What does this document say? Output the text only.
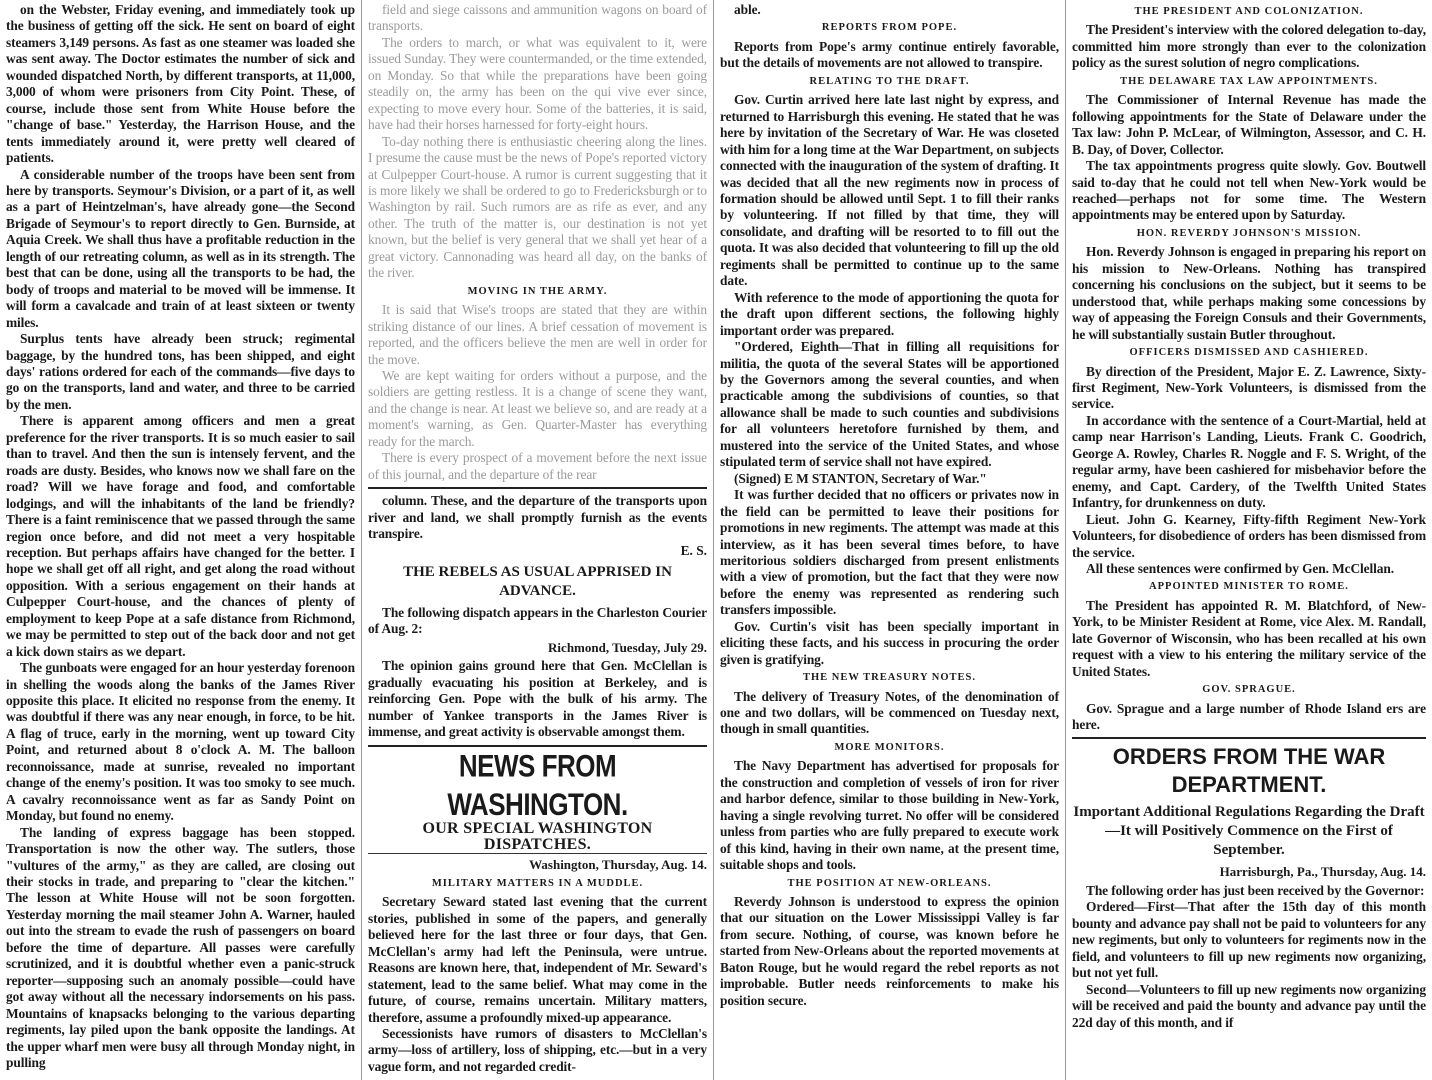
on the Webster, Friday evening, and immediately took up the business of getting off the sick. He sent on board of eight steamers 3,149 persons. As fast as one steamer was loaded she was sent away. The Doctor estimates the number of sick and wounded dispatched North, by different transports, at 11,000, 3,000 of whom were prisoners from City Point. These, of course, include those sent from White House before the "change of base." Yesterday, the Harrison House, and the tents immediately around it, were pretty well cleared of patients.
A considerable number of the troops have been sent from here by transports. Seymour's Division, or a part of it, as well as a part of Heintzelman's, have already gone—the Second Brigade of Seymour's to report directly to Gen. Burnside, at Aquia Creek. We shall thus have a profitable reduction in the length of our retreating column, as well as in its strength. The best that can be done, using all the transports to be had, the body of troops and material to be moved will be immense. It will form a cavalcade and train of at least sixteen or twenty miles.
Surplus tents have already been struck; regimental baggage, by the hundred tons, has been shipped, and eight days' rations ordered for each of the commands—five days to go on the transports, land and water, and three to be carried by the men.
There is apparent among officers and men a great preference for the river transports. It is so much easier to sail than to travel. And then the sun is intensely fervent, and the roads are dusty. Besides, who knows now we shall fare on the road? Will we have forage and food, and comfortable lodgings, and will the inhabitants of the land be friendly? There is a faint reminiscence that we passed through the same region once before, and did not meet a very hospitable reception. But perhaps affairs have changed for the better. I hope we shall get off all right, and get along the road without opposition. With a serious engagement on their hands at Culpepper Court-house, and the chances of plenty of employment to keep Pope at a safe distance from Richmond, we may be permitted to step out of the back door and not get a kick down stairs as we depart.
The gunboats were engaged for an hour yesterday forenoon in shelling the woods along the banks of the James River opposite this place. It elicited no response from the enemy. It was doubtful if there was any near enough, in force, to be hit. A flag of truce, early in the morning, went up toward City Point, and returned about 8 o'clock A. M. The balloon reconnoissance, made at sunrise, revealed no important change of the enemy's position. It was too smoky to see much. A cavalry reconnoissance went as far as Sandy Point on Monday, but found no enemy.
The landing of express baggage has been stopped. Transportation is now the other way. The sutlers, those "vultures of the army," as they are called, are closing out their stocks in trade, and preparing to "clear the kitchen." The lesson at White House will not be soon forgotten. Yesterday morning the mail steamer John A. Warner, hauled out into the stream to evade the rush of passengers on board before the time of departure. All passes were carefully scrutinized, and it is doubtful whether even a panic-struck reporter—supposing such an anomaly possible—could have got away without all the necessary indorsements on his pass. Mountains of knapsacks belonging to the various departing regiments, lay piled upon the bank opposite the landings. At the upper wharf men were busy all through Monday night, in pulling
field and siege caissons and ammunition wagons on board of transports.
The orders to march, or what was equivalent to it, were issued Sunday. They were countermanded, or the time extended, on Monday. So that while the preparations have been going steadily on, the army has been on the qui vive ever since, expecting to move every hour. Some of the batteries, it is said, have had their horses harnessed for forty-eight hours.
To-day nothing there is enthusiastic cheering along the lines. I presume the cause must be the news of Pope's reported victory at Culpepper Court-house. A rumor is current suggesting that it is more likely we shall be ordered to go to Fredericksburgh or to Washington by rail. Such rumors are as rife as ever, and any other. The truth of the matter is, our destination is not yet known, but the belief is very general that we shall yet hear of a great victory. Cannonading was heard all day, on the banks of the river.
MOVING IN THE ARMY.
It is said that Wise's troops are stated that they are within striking distance of our lines. A brief cessation of movement is reported, and the officers believe the men are well in order for the move.
We are kept waiting for orders without a purpose, and the soldiers are getting restless. It is a change of scene they want, and the change is near. At least we believe so, and are ready at a moment's warning, as Gen. Quarter-Master has everything ready for the march.
There is every prospect of a movement before the next issue of this journal, and the departure of the rear
column. These, and the departure of the transports upon river and land, we shall promptly furnish as the events transpire.
E. S.
THE REBELS AS USUAL APPRISED IN ADVANCE.
The following dispatch appears in the Charleston Courier of Aug. 2:
Richmond, Tuesday, July 29.
The opinion gains ground here that Gen. McClellan is gradually evacuating his position at Berkeley, and is reinforcing Gen. Pope with the bulk of his army. The number of Yankee transports in the James River is immense, and great activity is observable amongst them.
NEWS FROM WASHINGTON.
OUR SPECIAL WASHINGTON DISPATCHES.
Washington, Thursday, Aug. 14.
MILITARY MATTERS IN A MUDDLE.
Secretary Seward stated last evening that the current stories, published in some of the papers, and generally believed here for the last three or four days, that Gen. McClellan's army had left the Peninsula, were untrue. Reasons are known here, that, independent of Mr. Seward's statement, lead to the same belief. What may come in the future, of course, remains uncertain. Military matters, therefore, assume a profoundly mixed-up appearance.
Secessionists have rumors of disasters to McClellan's army—loss of artillery, loss of shipping, etc.—but in a very vague form, and not regarded credit-
able.
REPORTS FROM POPE.
Reports from Pope's army continue entirely favorable, but the details of movements are not allowed to transpire.
RELATING TO THE DRAFT.
Gov. Curtin arrived here late last night by express, and returned to Harrisburgh this evening. He stated that he was here by invitation of the Secretary of War. He was closeted with him for a long time at the War Department, on subjects connected with the inauguration of the system of drafting. It was decided that all the new regiments now in process of formation should be allowed until Sept. 1 to fill their ranks by volunteering. If not filled by that time, they will consolidate, and drafting will be resorted to to fill out the quota. It was also decided that volunteering to fill up the old regiments shall be permitted to continue up to the same date.
With reference to the mode of apportioning the quota for the draft upon different sections, the following highly important order was prepared.
"Ordered, Eighth—That in filling all requisitions for militia, the quota of the several States will be apportioned by the Governors among the several counties, and when practicable among the subdivisions of counties, so that allowance shall be made to such counties and subdivisions for all volunteers heretofore furnished by them, and mustered into the service of the United States, and whose stipulated term of service shall not have expired.
(Signed) E M STANTON, Secretary of War."
It was further decided that no officers or privates now in the field can be permitted to leave their positions for promotions in new regiments. The attempt was made at this interview, as it has been several times before, to have meritorious soldiers discharged from present enlistments with a view of promotion, but the fact that they were now before the enemy was represented as rendering such transfers impossible.
Gov. Curtin's visit has been specially important in eliciting these facts, and his success in procuring the order given is gratifying.
THE NEW TREASURY NOTES.
The delivery of Treasury Notes, of the denomination of one and two dollars, will be commenced on Tuesday next, though in small quantities.
MORE MONITORS.
The Navy Department has advertised for proposals for the construction and completion of vessels of iron for river and harbor defence, similar to those building in New-York, having a single revolving turret. No offer will be considered unless from parties who are fully prepared to execute work of this kind, having in their own name, at the present time, suitable shops and tools.
THE POSITION AT NEW-ORLEANS.
Reverdy Johnson is understood to express the opinion that our situation on the Lower Mississippi Valley is far from secure. Nothing, of course, was known before he started from New-Orleans about the reported movements at Baton Rouge, but he would regard the rebel reports as not improbable. Butler needs reinforcements to make his position secure.
THE PRESIDENT AND COLONIZATION.
The President's interview with the colored delegation to-day, committed him more strongly than ever to the colonization policy as the surest solution of negro complications.
THE DELAWARE TAX LAW APPOINTMENTS.
The Commissioner of Internal Revenue has made the following appointments for the State of Delaware under the Tax law: John P. McLear, of Wilmington, Assessor, and C. H. B. Day, of Dover, Collector.
The tax appointments progress quite slowly. Gov. Boutwell said to-day that he could not tell when New-York would be reached—perhaps not for some time. The Western appointments may be entered upon by Saturday.
HON. REVERDY JOHNSON'S MISSION.
Hon. Reverdy Johnson is engaged in preparing his report on his mission to New-Orleans. Nothing has transpired concerning his conclusions on the subject, but it seems to be understood that, while perhaps making some concessions by way of appeasing the Foreign Consuls and their Governments, he will substantially sustain Butler throughout.
OFFICERS DISMISSED AND CASHIERED.
By direction of the President, Major E. Z. Lawrence, Sixty-first Regiment, New-York Volunteers, is dismissed from the service.
In accordance with the sentence of a Court-Martial, held at camp near Harrison's Landing, Lieuts. Frank C. Goodrich, George A. Rowley, Charles R. Noggle and F. S. Wright, of the regular army, have been cashiered for misbehavior before the enemy, and Capt. Cardery, of the Twelfth United States Infantry, for drunkenness on duty.
Lieut. John G. Kearney, Fifty-fifth Regiment New-York Volunteers, for disobedience of orders has been dismissed from the service.
All these sentences were confirmed by Gen. McClellan.
APPOINTED MINISTER TO ROME.
The President has appointed R. M. Blatchford, of New-York, to be Minister Resident at Rome, vice Alex. M. Randall, late Governor of Wisconsin, who has been recalled at his own request with a view to his entering the military service of the United States.
GOV. SPRAGUE.
Gov. Sprague and a large number of Rhode Island ers are here.
ORDERS FROM THE WAR DEPARTMENT.
Important Additional Regulations Regarding the Draft—It will Positively Commence on the First of September.
Harrisburgh, Pa., Thursday, Aug. 14.
The following order has just been received by the Governor:
Ordered—First—That after the 15th day of this month bounty and advance pay shall not be paid to volunteers for any new regiments, but only to volunteers for regiments now in the field, and volunteers to fill up new regiments now organizing, but not yet full.
Second—Volunteers to fill up new regiments now organizing will be received and paid the bounty and advance pay until the 22d day of this month, and if
